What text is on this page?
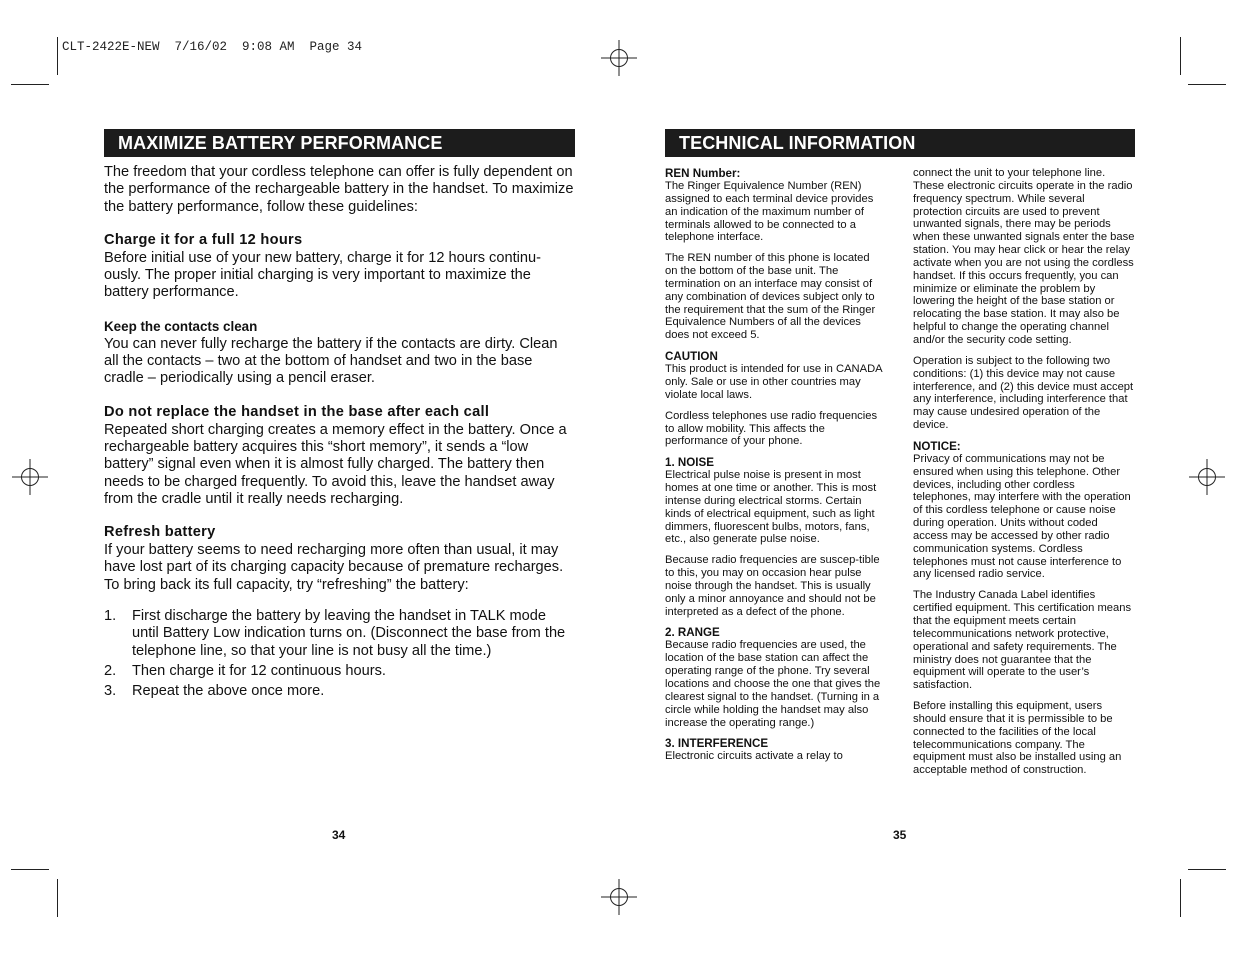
CLT-2422E-NEW  7/16/02  9:08 AM  Page 34
MAXIMIZE BATTERY PERFORMANCE

The freedom that your cordless telephone can offer is fully dependent on the performance of the rechargeable battery in the handset. To maximize the battery performance, follow these guidelines:

Charge it for a full 12 hours

Before initial use of your new battery, charge it for 12 hours continu-ously. The proper initial charging is very important to maximize the battery performance.

Keep the contacts clean

You can never fully recharge the battery if the contacts are dirty. Clean all the contacts – two at the bottom of handset and two in the base cradle – periodically using a pencil eraser.

Do not replace the handset in the base after each call

Repeated short charging creates a memory effect in the battery. Once a rechargeable battery acquires this “short memory”, it sends a “low battery” signal even when it is almost fully charged. The battery then needs to be charged frequently. To avoid this, leave the handset away from the cradle until it really needs recharging.

Refresh battery

If your battery seems to need recharging more often than usual, it may have lost part of its charging capacity because of premature recharges. To bring back its full capacity, try “refreshing” the battery:

1. First discharge the battery by leaving the handset in TALK mode until Battery Low indication turns on. (Disconnect the base from the telephone line, so that your line is not busy all the time.)
2. Then charge it for 12 continuous hours.
3. Repeat the above once more.
34
TECHNICAL INFORMATION
REN Number:

The Ringer Equivalence Number (REN) assigned to each terminal device provides an indication of the maximum number of terminals allowed to be connected to a telephone interface.

The REN number of this phone is located on the bottom of the base unit. The termination on an interface may consist of any combination of devices subject only to the requirement that the sum of the Ringer Equivalence Numbers of all the devices does not exceed 5.

CAUTION

This product is intended for use in CANADA only. Sale or use in other countries may violate local laws.

Cordless telephones use radio frequencies to allow mobility. This affects the performance of your phone.

1. NOISE

Electrical pulse noise is present in most homes at one time or another. This is most intense during electrical storms. Certain kinds of electrical equipment, such as light dimmers, fluorescent bulbs, motors, fans, etc., also generate pulse noise.

Because radio frequencies are suscep-tible to this, you may on occasion hear pulse noise through the handset. This is usually only a minor annoyance and should not be interpreted as a defect of the phone.

2. RANGE

Because radio frequencies are used, the location of the base station can affect the operating range of the phone. Try several locations and choose the one that gives the clearest signal to the handset. (Turning in a circle while holding the handset may also increase the operating range.)

3. INTERFERENCE

Electronic circuits activate a relay to

connect the unit to your telephone line. These electronic circuits operate in the radio frequency spectrum. While several protection circuits are used to prevent unwanted signals, there may be periods when these unwanted signals enter the base station. You may hear click or hear the relay activate when you are not using the cordless handset. If this occurs frequently, you can minimize or eliminate the problem by lowering the height of the base station or relocating the base station. It may also be helpful to change the operating channel and/or the security code setting.

Operation is subject to the following two conditions: (1) this device may not cause interference, and (2) this device must accept any interference, including interference that may cause undesired operation of the device.

NOTICE:

Privacy of communications may not be ensured when using this telephone. Other devices, including other cordless telephones, may interfere with the operation of this cordless telephone or cause noise during operation. Units without coded access may be accessed by other radio communication systems. Cordless telephones must not cause interference to any licensed radio service.

The Industry Canada Label identifies certified equipment. This certification means that the equipment meets certain telecommunications network protective, operational and safety requirements. The ministry does not guarantee that the equipment will operate to the user’s satisfaction.

Before installing this equipment, users should ensure that it is permissible to be connected to the facilities of the local telecommunications company. The equipment must also be installed using an acceptable method of construction.

35
